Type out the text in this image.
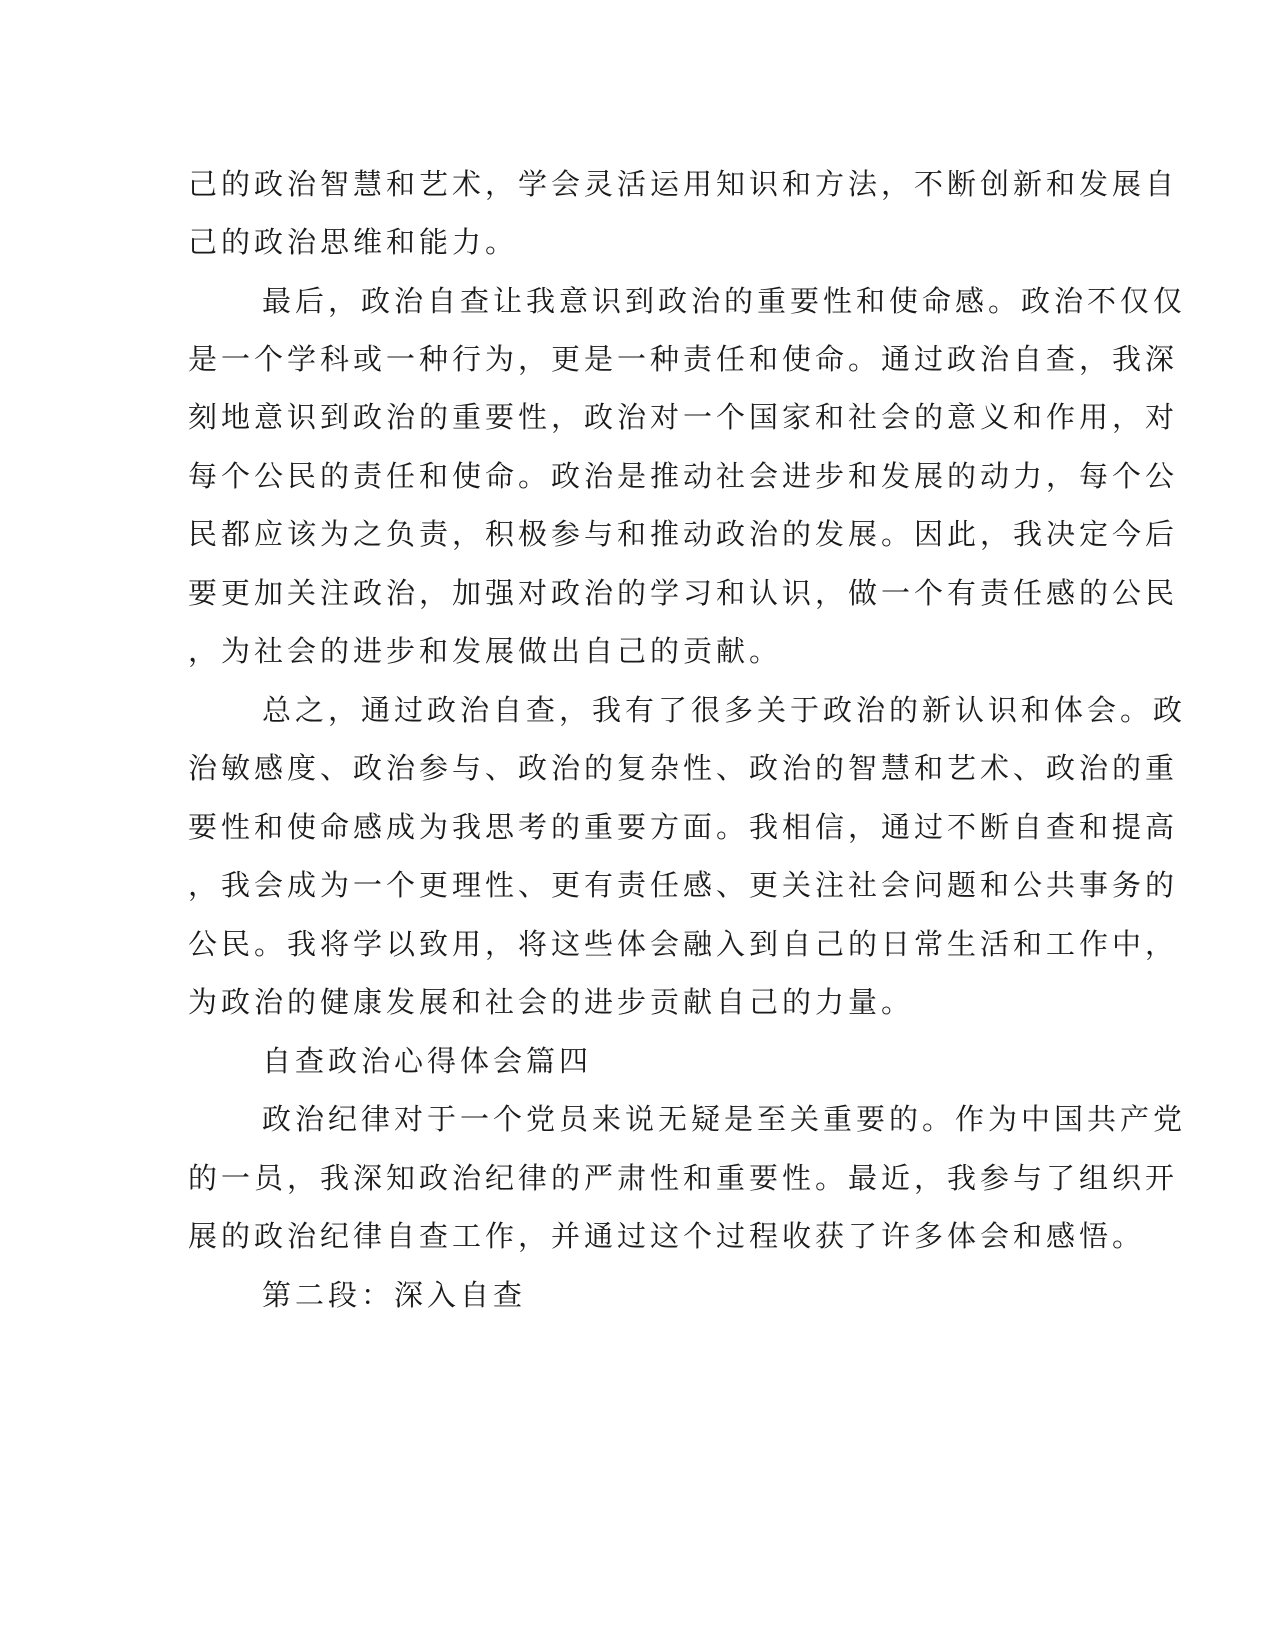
己的政治智慧和艺术，学会灵活运用知识和方法，不断创新和发展自
己的政治思维和能力。
最后，政治自查让我意识到政治的重要性和使命感。政治不仅仅
是一个学科或一种行为，更是一种责任和使命。通过政治自查，我深
刻地意识到政治的重要性，政治对一个国家和社会的意义和作用，对
每个公民的责任和使命。政治是推动社会进步和发展的动力，每个公
民都应该为之负责，积极参与和推动政治的发展。因此，我决定今后
要更加关注政治，加强对政治的学习和认识，做一个有责任感的公民
，为社会的进步和发展做出自己的贡献。
总之，通过政治自查，我有了很多关于政治的新认识和体会。政
治敏感度、政治参与、政治的复杂性、政治的智慧和艺术、政治的重
要性和使命感成为我思考的重要方面。我相信，通过不断自查和提高
，我会成为一个更理性、更有责任感、更关注社会问题和公共事务的
公民。我将学以致用，将这些体会融入到自己的日常生活和工作中，
为政治的健康发展和社会的进步贡献自己的力量。
自查政治心得体会篇四
政治纪律对于一个党员来说无疑是至关重要的。作为中国共产党
的一员，我深知政治纪律的严肃性和重要性。最近，我参与了组织开
展的政治纪律自查工作，并通过这个过程收获了许多体会和感悟。
第二段：深入自查
